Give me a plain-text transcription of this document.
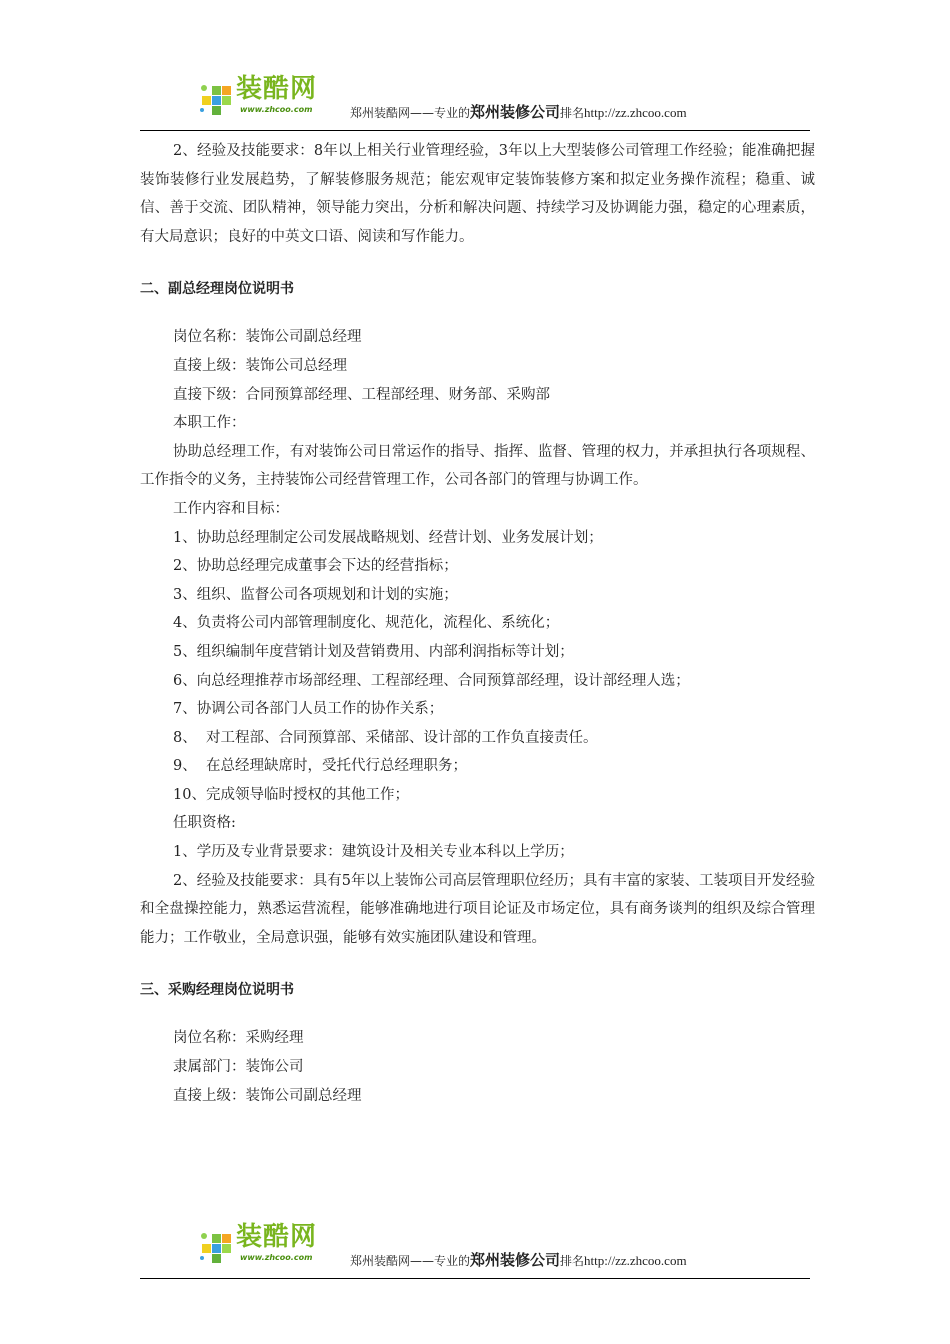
装酷网
www.zhcoo.com	郑州装酷网——专业的郑州装修公司排名http://zz.zhcoo.com

2、经验及技能要求：8年以上相关行业管理经验，3年以上大型装修公司管理工作经验；能准确把握装饰装修行业发展趋势，了解装修服务规范；能宏观审定装饰装修方案和拟定业务操作流程；稳重、诚信、善于交流、团队精神，领导能力突出，分析和解决问题、持续学习及协调能力强，稳定的心理素质，有大局意识；良好的中英文口语、阅读和写作能力。

二、副总经理岗位说明书

岗位名称：装饰公司副总经理

直接上级：装饰公司总经理

直接下级：合同预算部经理、工程部经理、财务部、采购部

本职工作：

协助总经理工作，有对装饰公司日常运作的指导、指挥、监督、管理的权力，并承担执行各项规程、工作指令的义务，主持装饰公司经营管理工作，公司各部门的管理与协调工作。

工作内容和目标：

1、协助总经理制定公司发展战略规划、经营计划、业务发展计划；

2、协助总经理完成董事会下达的经营指标；

3、组织、监督公司各项规划和计划的实施；

4、负责将公司内部管理制度化、规范化，流程化、系统化；

5、组织编制年度营销计划及营销费用、内部利润指标等计划；

6、向总经理推荐市场部经理、工程部经理、合同预算部经理，设计部经理人选；

7、协调公司各部门人员工作的协作关系；

8、  对工程部、合同预算部、采储部、设计部的工作负直接责任。

9、  在总经理缺席时，受托代行总经理职务；

10、完成领导临时授权的其他工作；

任职资格:

1、学历及专业背景要求：建筑设计及相关专业本科以上学历；

2、经验及技能要求：具有5年以上装饰公司高层管理职位经历；具有丰富的家装、工装项目开发经验和全盘操控能力，熟悉运营流程，能够准确地进行项目论证及市场定位，具有商务谈判的组织及综合管理能力；工作敬业，全局意识强，能够有效实施团队建设和管理。

三、采购经理岗位说明书

岗位名称：采购经理

隶属部门：装饰公司

直接上级：装饰公司副总经理

装酷网
www.zhcoo.com	郑州装酷网——专业的郑州装修公司排名http://zz.zhcoo.com
